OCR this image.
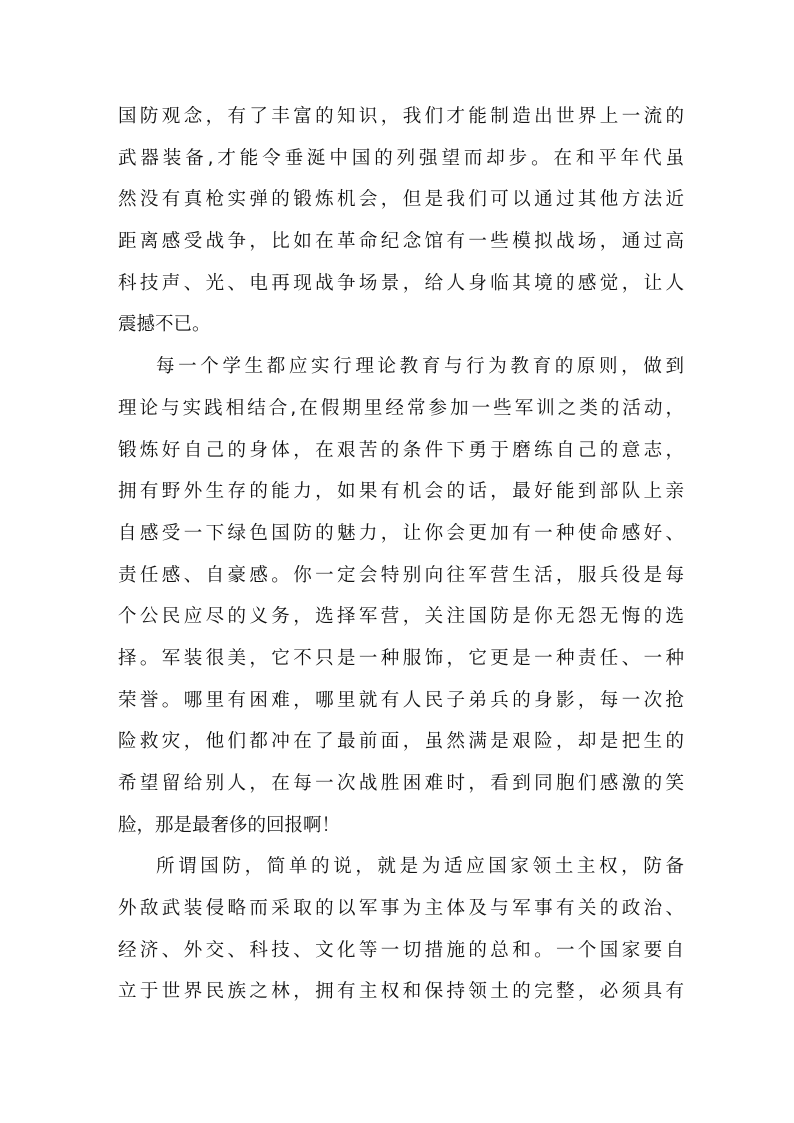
国防观念，有了丰富的知识，我们才能制造出世界上一流的
武器装备,才能令垂涎中国的列强望而却步。在和平年代虽
然没有真枪实弹的锻炼机会，但是我们可以通过其他方法近
距离感受战争，比如在革命纪念馆有一些模拟战场，通过高
科技声、光、电再现战争场景，给人身临其境的感觉，让人
震撼不已。
每一个学生都应实行理论教育与行为教育的原则，做到
理论与实践相结合,在假期里经常参加一些军训之类的活动，
锻炼好自己的身体，在艰苦的条件下勇于磨练自己的意志，
拥有野外生存的能力，如果有机会的话，最好能到部队上亲
自感受一下绿色国防的魅力，让你会更加有一种使命感好、
责任感、自豪感。你一定会特别向往军营生活，服兵役是每
个公民应尽的义务，选择军营，关注国防是你无怨无悔的选
择。军装很美，它不只是一种服饰，它更是一种责任、一种
荣誉。哪里有困难，哪里就有人民子弟兵的身影，每一次抢
险救灾，他们都冲在了最前面，虽然满是艰险，却是把生的
希望留给别人，在每一次战胜困难时，看到同胞们感激的笑
脸，那是最奢侈的回报啊！
所谓国防，简单的说，就是为适应国家领土主权，防备
外敌武装侵略而采取的以军事为主体及与军事有关的政治、
经济、外交、科技、文化等一切措施的总和。一个国家要自
立于世界民族之林，拥有主权和保持领土的完整，必须具有
